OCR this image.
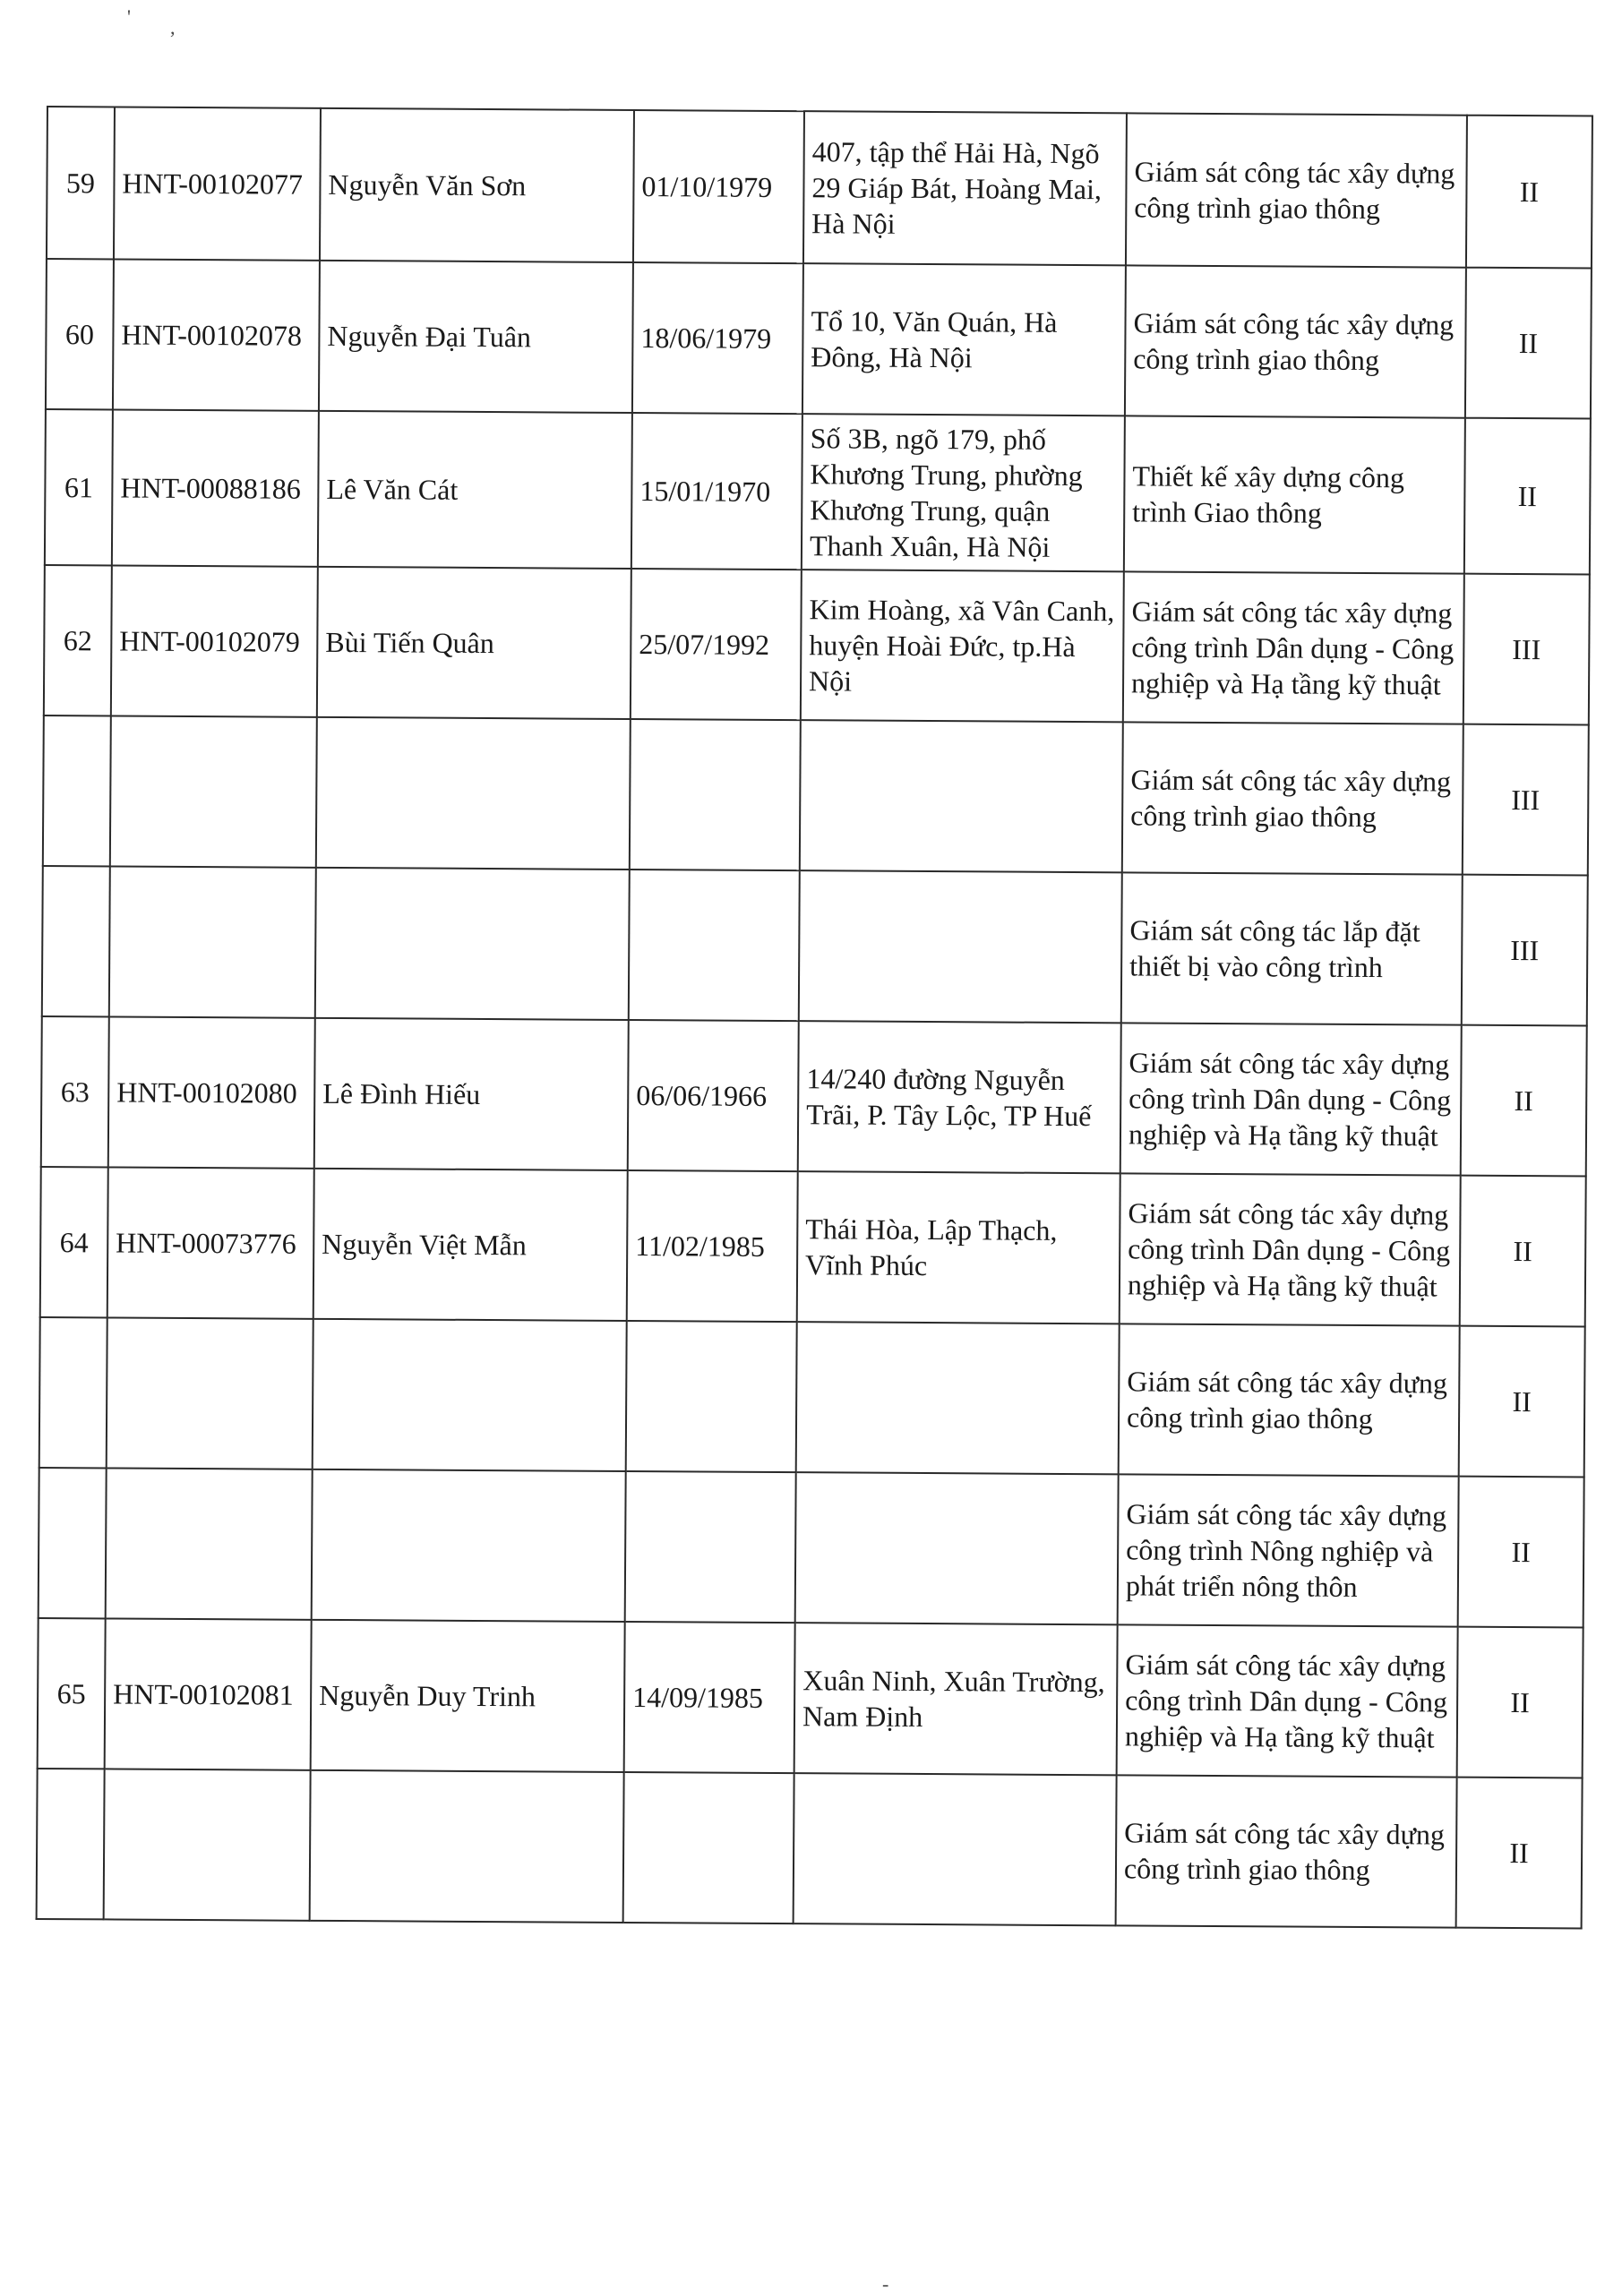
' ,
-
59	HNT-00102077	Nguyễn Văn Sơn	01/10/1979	407, tập thể Hải Hà, Ngõ 29 Giáp Bát, Hoàng Mai, Hà Nội	Giám sát công tác xây dựng công trình giao thông	II
60	HNT-00102078	Nguyễn Đại Tuân	18/06/1979	Tổ 10, Văn Quán, Hà Đông, Hà Nội	Giám sát công tác xây dựng công trình giao thông	II
61	HNT-00088186	Lê Văn Cát	15/01/1970	Số 3B, ngõ 179, phố Khương Trung, phường Khương Trung, quận Thanh Xuân, Hà Nội	Thiết kế xây dựng công trình Giao thông	II
62	HNT-00102079	Bùi Tiến Quân	25/07/1992	Kim Hoàng, xã Vân Canh, huyện Hoài Đức, tp.Hà Nội	Giám sát công tác xây dựng công trình Dân dụng - Công nghiệp và Hạ tầng kỹ thuật	III
					Giám sát công tác xây dựng công trình giao thông	III
					Giám sát công tác lắp đặt thiết bị vào công trình	III
63	HNT-00102080	Lê Đình Hiếu	06/06/1966	14/240 đường Nguyễn Trãi, P. Tây Lộc, TP Huế	Giám sát công tác xây dựng công trình Dân dụng - Công nghiệp và Hạ tầng kỹ thuật	II
64	HNT-00073776	Nguyễn Việt Mẫn	11/02/1985	Thái Hòa, Lập Thạch, Vĩnh Phúc	Giám sát công tác xây dựng công trình Dân dụng - Công nghiệp và Hạ tầng kỹ thuật	II
					Giám sát công tác xây dựng công trình giao thông	II
					Giám sát công tác xây dựng công trình Nông nghiệp và phát triển nông thôn	II
65	HNT-00102081	Nguyễn Duy Trinh	14/09/1985	Xuân Ninh, Xuân Trường, Nam Định	Giám sát công tác xây dựng công trình Dân dụng - Công nghiệp và Hạ tầng kỹ thuật	II
					Giám sát công tác xây dựng công trình giao thông	II
